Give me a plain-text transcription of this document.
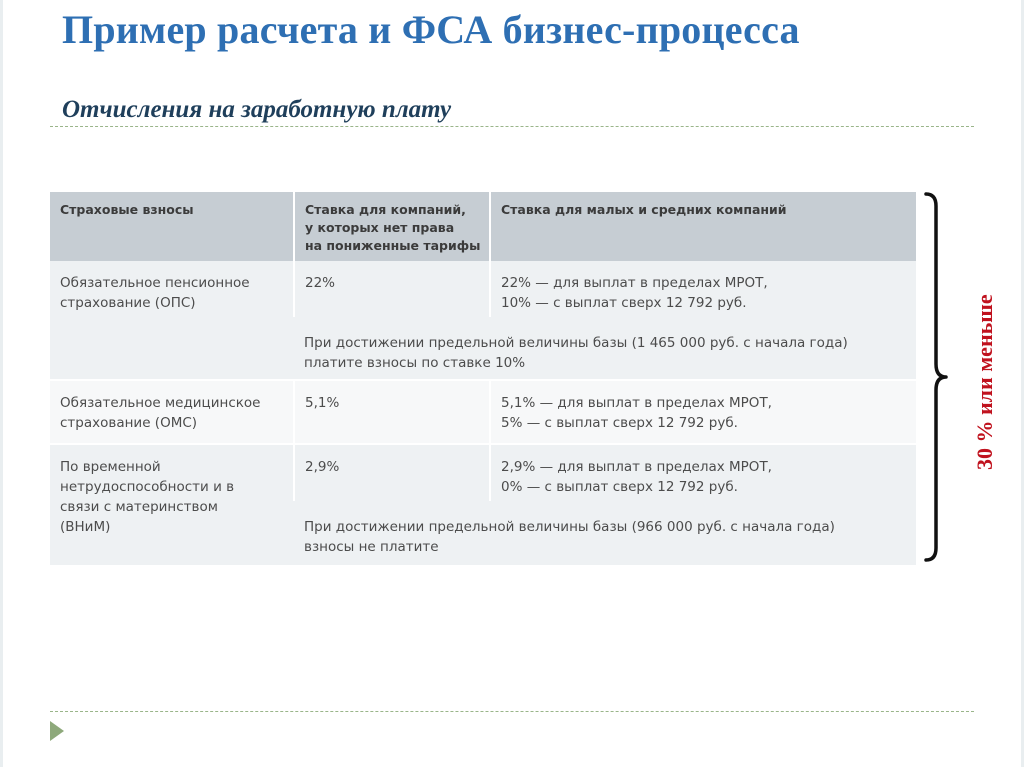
Пример расчета и ФСА бизнес-процесса
Отчисления на заработную плату
Страховые взносы	Ставка для компаний,
у которых нет права
на пониженные тарифы	Ставка для малых и средних компаний
Обязательное пенсионное страхование (ОПС)	22%	22% — для выплат в пределах МРОТ,
10% — с выплат сверх 12 792 руб.
	При достижении предельной величины базы (1 465 000 руб. с начала года)
платите взносы по ставке 10%	
Обязательное медицинское страхование (ОМС)	5,1%	5,1% — для выплат в пределах МРОТ,
5% — с выплат сверх 12 792 руб.
По временной нетрудоспособности и в связи с материнством (ВНиМ)	2,9%	2,9% — для выплат в пределах МРОТ,
0% — с выплат сверх 12 792 руб.
	При достижении предельной величины базы (966 000 руб. с начала года)
взносы не платите	
30 % или меньше
